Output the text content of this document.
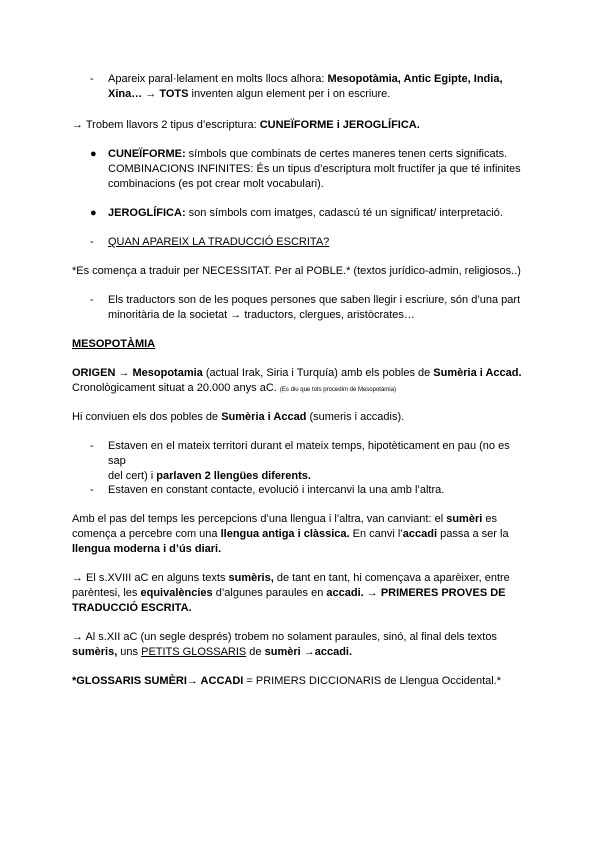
- Apareix paral·lelament en molts llocs alhora: Mesopotàmia, Antic Egipte, India,
Xina… → TOTS inventen algun element per i on escriure.
→ Trobem llavors 2 tipus d’escriptura: CUNEÏFORME i JEROGLÍFICA.
● CUNEÏFORME: símbols que combinats de certes maneres tenen certs significats.
COMBINACIONS INFINITES: És un tipus d’escriptura molt fructífer ja que té infinites
combinacions (es pot crear molt vocabulari).
● JEROGLÍFICA: son símbols com imatges, cadascú té un significat/ interpretació.
- QUAN APAREIX LA TRADUCCIÓ ESCRITA?
*Es comença a traduir per NECESSITAT. Per al POBLE.* (textos jurídico-admin, religiosos..)
- Els traductors son de les poques persones que saben llegir i escriure, són d’una part
minoritària de la societat → traductors, clergues, aristòcrates…
MESOPOTÀMIA
ORIGEN → Mesopotamia (actual Irak, Siria i Turquía) amb els pobles de Sumèria i Accad.
Cronològicament situat a 20.000 anys aC. (Es diu que tots procedim de Mesopotàmia)
Hi conviuen els dos pobles de Sumèria i Accad (sumeris i accadis).
- Estaven en el mateix territori durant el mateix temps, hipotèticament en pau (no es sap
del cert) i parlaven 2 llengües diferents.
- Estaven en constant contacte, evolució i intercanvi la una amb l’altra.
Amb el pas del temps les percepcions d’una llengua i l’altra, van canviant: el sumèri es
comença a percebre com una llengua antiga i clàssica. En canvi l’accadi passa a ser la
llengua moderna i d’ús diari.
→ El s.XVIII aC en alguns texts sumèris, de tant en tant, hi començava a aparèixer, entre
parèntesi, les equivalències d’algunes paraules en accadi. → PRIMERES PROVES DE
TRADUCCIÓ ESCRITA.
→ Al s.XII aC (un segle després) trobem no solament paraules, sinó, al final dels textos
sumèris, uns PETITS GLOSSARIS de sumèri →accadi.
*GLOSSARIS SUMÈRI→ ACCADI = PRIMERS DICCIONARIS de Llengua Occidental.*
